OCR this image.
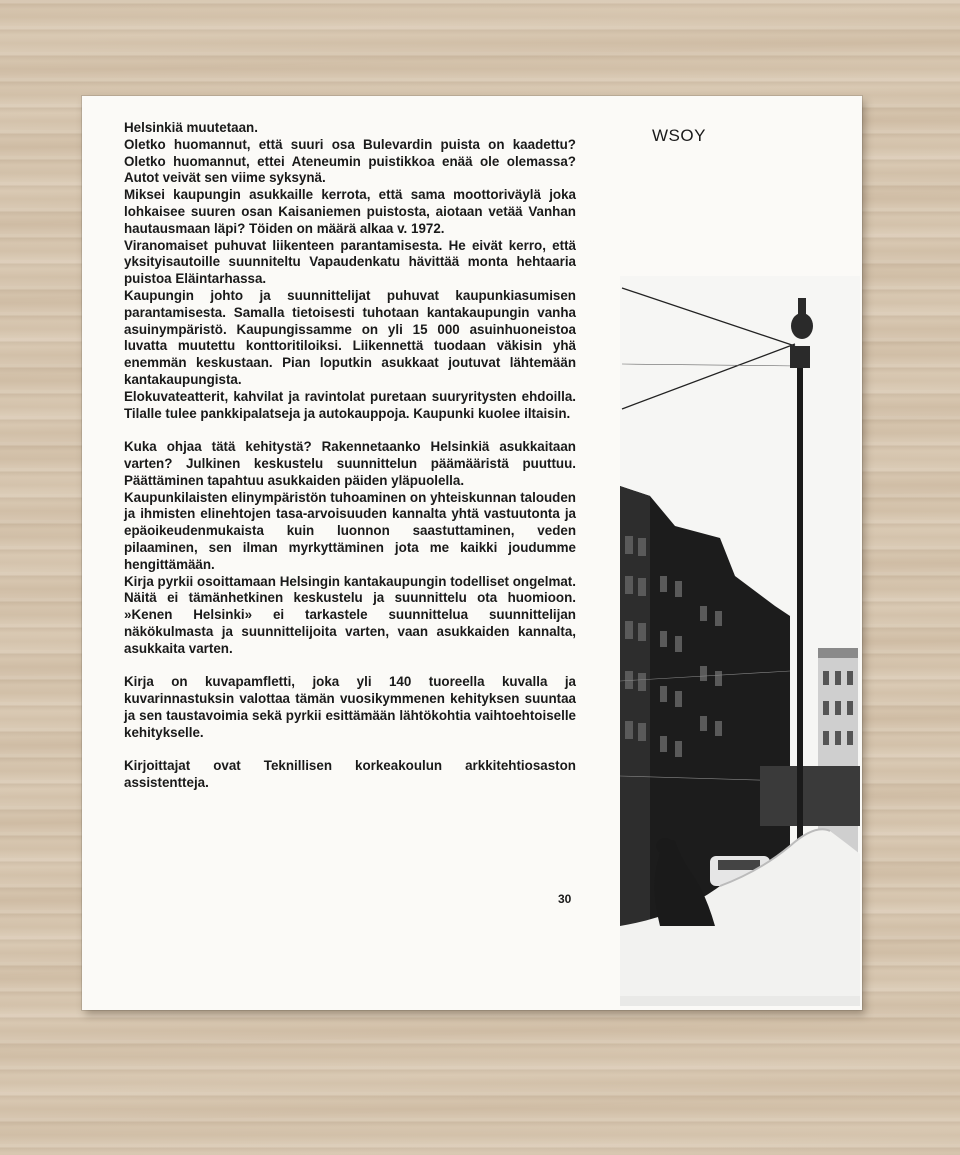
Helsinkiä muutetaan.

Oletko huomannut, että suuri osa Bulevardin puista on kaadettu? Oletko huomannut, ettei Ateneumin puistikkoa enää ole olemassa? Autot veivät sen viime syksynä.

Miksei kaupungin asukkaille kerrota, että sama moottoriväylä joka lohkaisee suuren osan Kaisaniemen puistosta, aiotaan vetää Vanhan hautausmaan läpi? Töiden on määrä alkaa v. 1972.

Viranomaiset puhuvat liikenteen parantamisesta. He eivät kerro, että yksityisautoille suunniteltu Vapaudenkatu hävittää monta hehtaaria puistoa Eläintarhassa.

Kaupungin johto ja suunnittelijat puhuvat kaupunkiasumisen parantamisesta. Samalla tietoisesti tuhotaan kantakaupungin vanha asuinympäristö. Kaupungissamme on yli 15 000 asuinhuoneistoa luvatta muutettu konttoritiloiksi. Liikennettä tuodaan väkisin yhä enemmän keskustaan. Pian loputkin asukkaat joutuvat lähtemään kantakaupungista.

Elokuvateatterit, kahvilat ja ravintolat puretaan suuryritysten ehdoilla. Tilalle tulee pankkipalatseja ja autokauppoja. Kaupunki kuolee iltaisin.

Kuka ohjaa tätä kehitystä? Rakennetaanko Helsinkiä asukkaitaan varten? Julkinen keskustelu suunnittelun päämääristä puuttuu. Päättäminen tapahtuu asukkaiden päiden yläpuolella.

Kaupunkilaisten elinympäristön tuhoaminen on yhteiskunnan talouden ja ihmisten elinehtojen tasa-arvoisuuden kannalta yhtä vastuutonta ja epäoikeudenmukaista kuin luonnon saastuttaminen, veden pilaaminen, sen ilman myrkyttäminen jota me kaikki joudumme hengittämään.

Kirja pyrkii osoittamaan Helsingin kantakaupungin todelliset ongelmat. Näitä ei tämänhetkinen keskustelu ja suunnittelu ota huomioon. »Kenen Helsinki» ei tarkastele suunnittelua suunnittelijan näkökulmasta ja suunnittelijoita varten, vaan asukkaiden kannalta, asukkaita varten.

Kirja on kuvapamfletti, joka yli 140 tuoreella kuvalla ja kuvarinnastuksin valottaa tämän vuosikymmenen kehityksen suuntaa ja sen taustavoimia sekä pyrkii esittämään lähtökohtia vaihtoehtoiselle kehitykselle.

Kirjoittajat ovat Teknillisen korkeakoulun arkkitehtiosaston assistentteja.

30
WSOY
